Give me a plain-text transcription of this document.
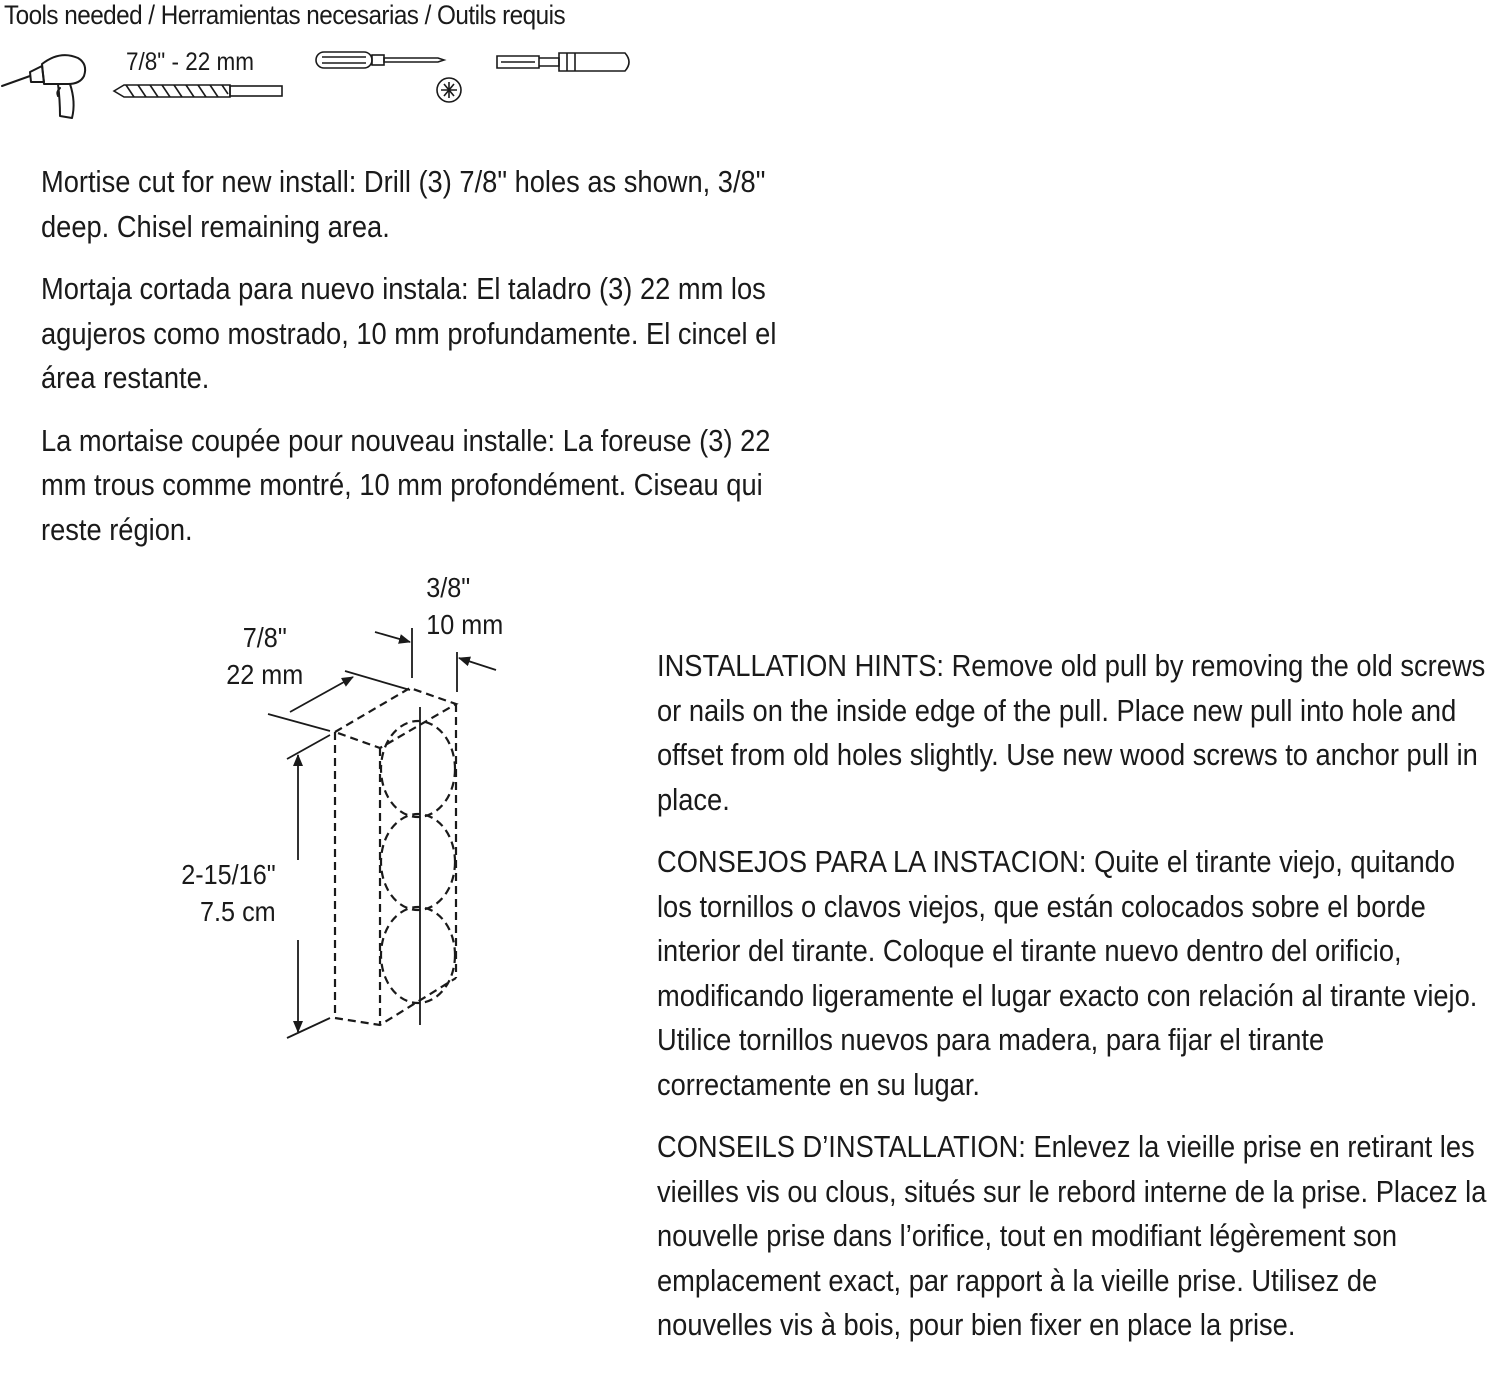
Tools needed / Herramientas necesarias / Outils requis
7/8" - 22 mm

Mortise cut for new install: Drill (3) 7/8" holes as shown, 3/8" deep. Chisel remaining area.

Mortaja cortada para nuevo instala: El taladro (3) 22 mm los agujeros como mostrado, 10 mm profundamente. El cincel el área restante.

La mortaise coupée pour nouveau installe: La foreuse (3) 22 mm trous comme montré, 10 mm profondément. Ciseau qui reste région.

3/8"
10 mm
7/8"
22 mm
2-15/16"
7.5 cm

INSTALLATION HINTS: Remove old pull by removing the old screws or nails on the inside edge of the pull. Place new pull into hole and offset from old holes slightly. Use new wood screws to anchor pull in place.

CONSEJOS PARA LA INSTACION: Quite el tirante viejo, quitando los tornillos o clavos viejos, que están colocados sobre el borde interior del tirante. Coloque el tirante nuevo dentro del orificio, modificando ligeramente el lugar exacto con relación al tirante viejo. Utilice tornillos nuevos para madera, para fijar el tirante correctamente en su lugar.

CONSEILS D’INSTALLATION: Enlevez la vieille prise en retirant les vieilles vis ou clous, situés sur le rebord interne de la prise. Placez la nouvelle prise dans l’orifice, tout en modifiant légèrement son emplacement exact, par rapport à la vieille prise. Utilisez de nouvelles vis à bois, pour bien fixer en place la prise.
